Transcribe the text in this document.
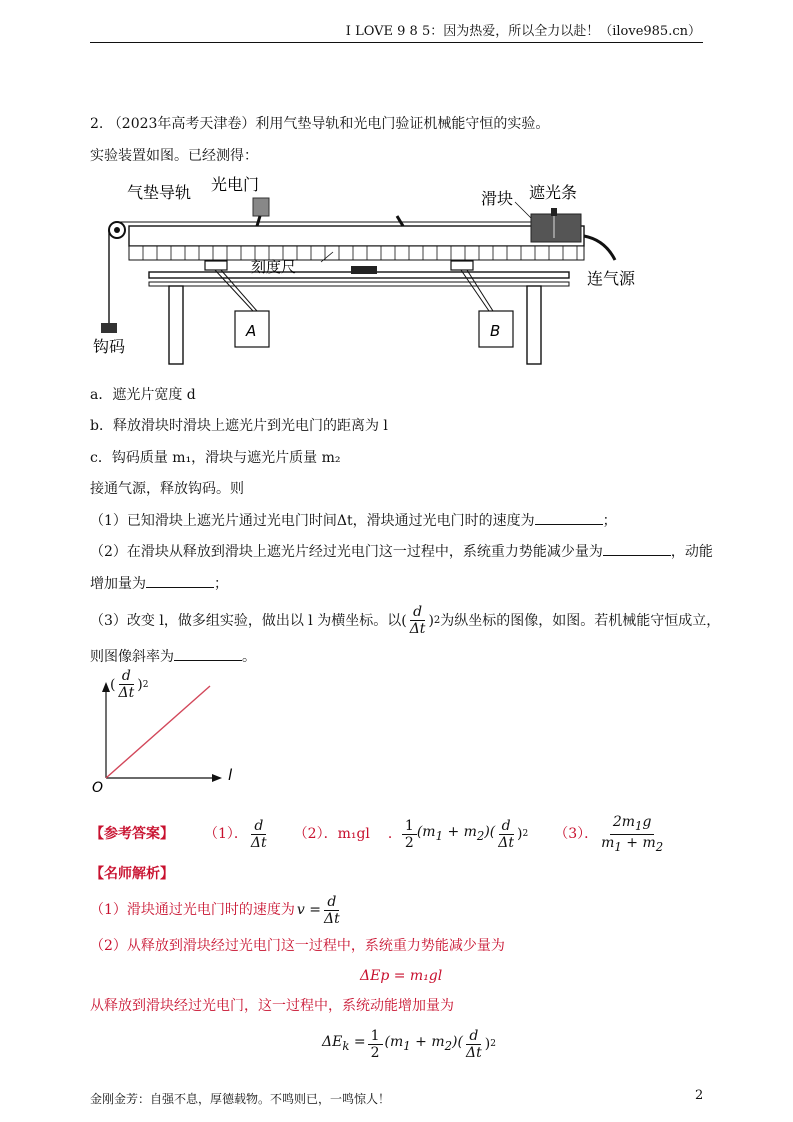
I LOVE 9 8 5：因为热爱，所以全力以赴！（ilove985.cn）
2. （2023年高考天津卷）利用气垫导轨和光电门验证机械能守恒的实验。
实验装置如图。已经测得：
气垫导轨 光电门
滑块 遮光条
刻度尺
连气源
钩码
A	B
a．遮光片宽度 d
b．释放滑块时滑块上遮光片到光电门的距离为 l
c．钩码质量 m₁，滑块与遮光片质量 m₂
接通气源，释放钩码。则
（1）已知滑块上遮光片通过光电门时间Δt，滑块通过光电门时的速度为	；
（2）在滑块从释放到滑块上遮光片经过光电门这一过程中，系统重力势能减少量为	，动能
增加量为	；
（3）改变 l，做多组实验，做出以 l 为横坐标。以 ( $\frac{d}{\Delta t}$ ) 2 为纵坐标的图像，如图。若机械能守恒成立，
则图像斜率为	。
O
l
( $\frac{d}{\Delta t}$ ) 2
【参考答案】 （1）． $\frac{d}{\Delta t} (2)$．m₁gl ． $\frac{1}{2} (m_1 + m_2)( \frac{d}{\Delta t}$ ) 2 （3）． $\frac{2m_1g}{m_1 + m_2}$
【名师解析】
（1）滑块通过光电门时的速度为 $v = \frac{d}{\Delta t}$
（2）从释放到滑块经过光电门这一过程中，系统重力势能减少量为
ΔEp = m₁gl
从释放到滑块经过光电门，这一过程中，系统动能增加量为
$\Delta E_k = \frac{1}{2} (m_1 + m_2)( \frac{d}{\Delta t}$ ) 2
金刚金芳：自强不息，厚德载物。不鸣则已，一鸣惊人！	2
